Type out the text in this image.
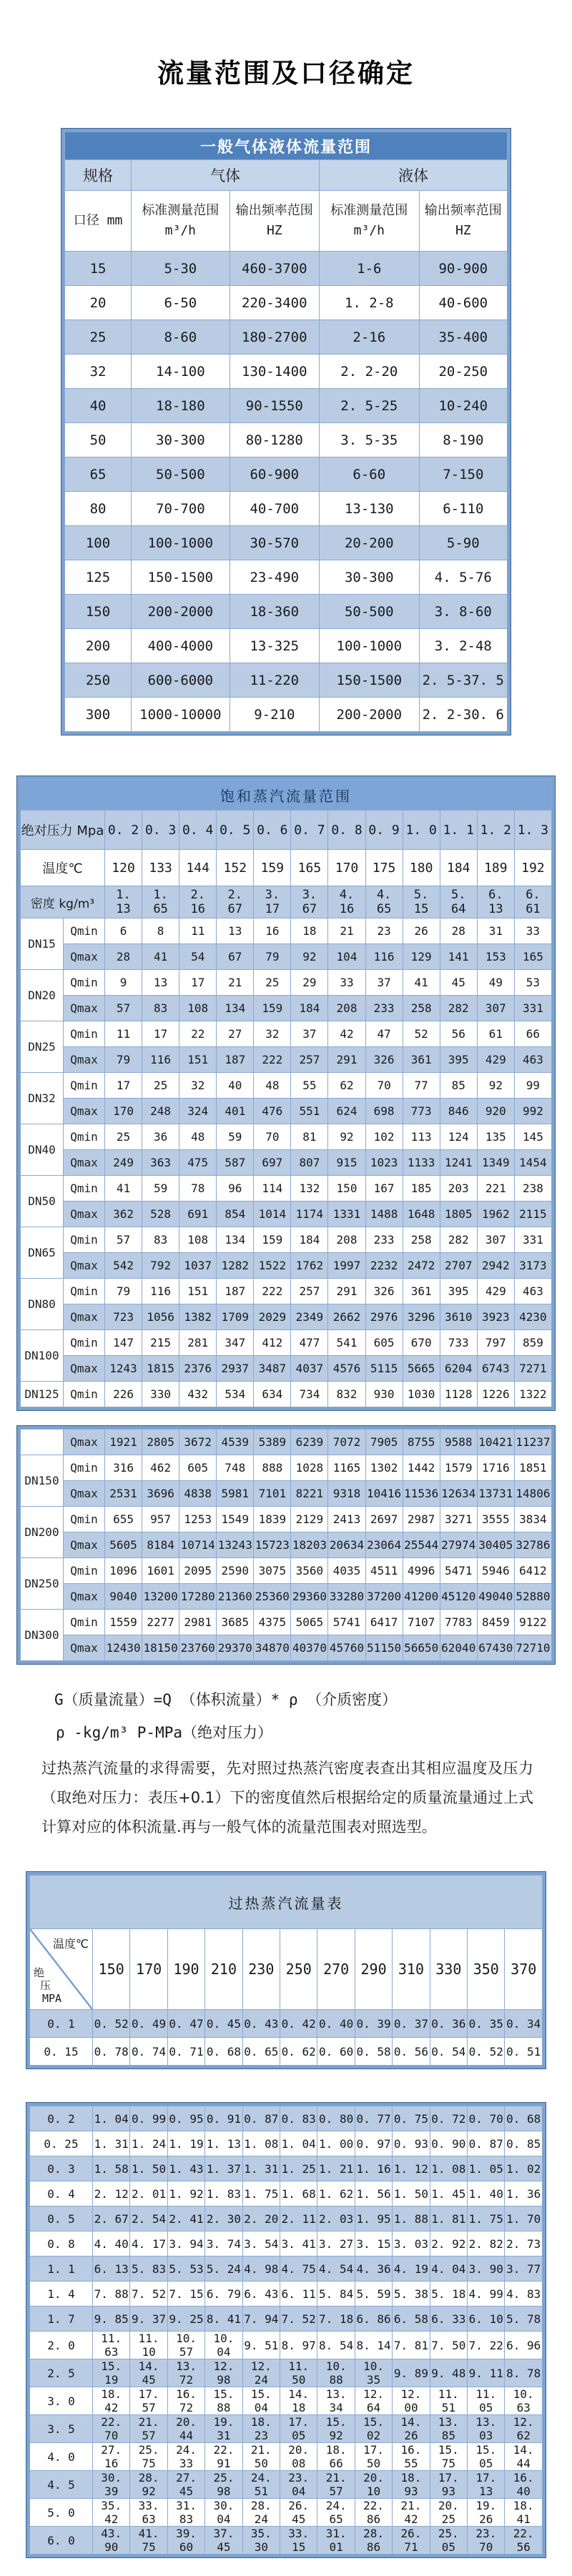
流量范围及口径确定
一般气体液体流量范围				
规格	气体		液体	
口径 mm	标准测量范围 m³/h	输出频率范围 HZ	标准测量范围 m³/h	输出频率范围 HZ
15	5-30	460-3700	1-6	90-900
20	6-50	220-3400	1. 2-8	40-600
25	8-60	180-2700	2-16	35-400
32	14-100	130-1400	2. 2-20	20-250
40	18-180	90-1550	2. 5-25	10-240
50	30-300	80-1280	3. 5-35	8-190
65	50-500	60-900	6-60	7-150
80	70-700	40-700	13-130	6-110
100	100-1000	30-570	20-200	5-90
125	150-1500	23-490	30-300	4. 5-76
150	200-2000	18-360	50-500	3. 8-60
200	400-4000	13-325	100-1000	3. 2-48
250	600-6000	11-220	150-1500	2. 5-37. 5
300	1000-10000	9-210	200-2000	2. 2-30. 6
饱和蒸汽流量范围													
绝对压力 Mpa		0. 2	0. 3	0. 4	0. 5	0. 6	0. 7	0. 8	0. 9	1. 0	1. 1	1. 2	1. 3
温度℃		120	133	144	152	159	165	170	175	180	184	189	192
密度 kg/m³		1. 13	1. 65	2. 16	2. 67	3. 17	3. 67	4. 16	4. 65	5. 15	5. 64	6. 13	6. 61
DN15	Qmin	6	8	11	13	16	18	21	23	26	28	31	33
	Qmax	28	41	54	67	79	92	104	116	129	141	153	165
DN20	Qmin	9	13	17	21	25	29	33	37	41	45	49	53
	Qmax	57	83	108	134	159	184	208	233	258	282	307	331
DN25	Qmin	11	17	22	27	32	37	42	47	52	56	61	66
	Qmax	79	116	151	187	222	257	291	326	361	395	429	463
DN32	Qmin	17	25	32	40	48	55	62	70	77	85	92	99
	Qmax	170	248	324	401	476	551	624	698	773	846	920	992
DN40	Qmin	25	36	48	59	70	81	92	102	113	124	135	145
	Qmax	249	363	475	587	697	807	915	1023	1133	1241	1349	1454
DN50	Qmin	41	59	78	96	114	132	150	167	185	203	221	238
	Qmax	362	528	691	854	1014	1174	1331	1488	1648	1805	1962	2115
DN65	Qmin	57	83	108	134	159	184	208	233	258	282	307	331
	Qmax	542	792	1037	1282	1522	1762	1997	2232	2472	2707	2942	3173
DN80	Qmin	79	116	151	187	222	257	291	326	361	395	429	463
	Qmax	723	1056	1382	1709	2029	2349	2662	2976	3296	3610	3923	4230
DN100	Qmin	147	215	281	347	412	477	541	605	670	733	797	859
	Qmax	1243	1815	2376	2937	3487	4037	4576	5115	5665	6204	6743	7271
DN125	Qmin	226	330	432	534	634	734	832	930	1030	1128	1226	1322
	Qmax	1921	2805	3672	4539	5389	6239	7072	7905	8755	9588	10421	11237
DN150	Qmin	316	462	605	748	888	1028	1165	1302	1442	1579	1716	1851
	Qmax	2531	3696	4838	5981	7101	8221	9318	10416	11536	12634	13731	14806
DN200	Qmin	655	957	1253	1549	1839	2129	2413	2697	2987	3271	3555	3834
	Qmax	5605	8184	10714	13243	15723	18203	20634	23064	25544	27974	30405	32786
DN250	Qmin	1096	1601	2095	2590	3075	3560	4035	4511	4996	5471	5946	6412
	Qmax	9040	13200	17280	21360	25360	29360	33280	37200	41200	45120	49040	52880
DN300	Qmin	1559	2277	2981	3685	4375	5065	5741	6417	7107	7783	8459	9122
	Qmax	12430	18150	23760	29370	34870	40370	45760	51150	56650	62040	67430	72710
G（质量流量）=Q （体积流量）* ρ （介质密度）
ρ -kg/m³ P-MPa（绝对压力）
过热蒸汽流量的求得需要，先对照过热蒸汽密度表查出其相应温度及压力（取绝对压力：表压+0.1）下的密度值然后根据给定的质量流量通过上式计算对应的体积流量.再与一般气体的流量范围表对照选型。
过热蒸汽流量表												

温度℃
绝
压
MPA	150	170	190	210	230	250	270	290	310	330	350	370
0. 1	0. 52	0. 49	0. 47	0. 45	0. 43	0. 42	0. 40	0. 39	0. 37	0. 36	0. 35	0. 34
0. 15	0. 78	0. 74	0. 71	0. 68	0. 65	0. 62	0. 60	0. 58	0. 56	0. 54	0. 52	0. 51
0. 2	1. 04	0. 99	0. 95	0. 91	0. 87	0. 83	0. 80	0. 77	0. 75	0. 72	0. 70	0. 68
0. 25	1. 31	1. 24	1. 19	1. 13	1. 08	1. 04	1. 00	0. 97	0. 93	0. 90	0. 87	0. 85
0. 3	1. 58	1. 50	1. 43	1. 37	1. 31	1. 25	1. 21	1. 16	1. 12	1. 08	1. 05	1. 02
0. 4	2. 12	2. 01	1. 92	1. 83	1. 75	1. 68	1. 62	1. 56	1. 50	1. 45	1. 40	1. 36
0. 5	2. 67	2. 54	2. 41	2. 30	2. 20	2. 11	2. 03	1. 95	1. 88	1. 81	1. 75	1. 70
0. 8	4. 40	4. 17	3. 94	3. 74	3. 54	3. 41	3. 27	3. 15	3. 03	2. 92	2. 82	2. 73
1. 1	6. 13	5. 83	5. 53	5. 24	4. 98	4. 75	4. 54	4. 36	4. 19	4. 04	3. 90	3. 77
1. 4	7. 88	7. 52	7. 15	6. 79	6. 43	6. 11	5. 84	5. 59	5. 38	5. 18	4. 99	4. 83
1. 7	9. 85	9. 37	9. 25	8. 41	7. 94	7. 52	7. 18	6. 86	6. 58	6. 33	6. 10	5. 78
2. 0	11. 63	11. 10	10. 57	10. 04	9. 51	8. 97	8. 54	8. 14	7. 81	7. 50	7. 22	6. 96
2. 5	15. 19	14. 45	13. 72	12. 98	12. 24	11. 50	10. 88	10. 35	9. 89	9. 48	9. 11	8. 78
3. 0	18. 42	17. 57	16. 72	15. 88	15. 04	14. 18	13. 34	12. 64	12. 00	11. 51	11. 05	10. 63
3. 5	22. 70	21. 57	20. 44	19. 31	18. 23	17. 05	15. 92	15. 02	14. 26	13. 85	13. 03	12. 62
4. 0	27. 16	25. 75	24. 33	22. 91	21. 50	20. 08	18. 66	17. 50	16. 55	15. 75	15. 05	14. 44
4. 5	30. 39	28. 92	27. 45	25. 98	24. 51	23. 04	21. 57	20. 10	18. 93	17. 93	17. 13	16. 40
5. 0	35. 42	33. 63	31. 83	30. 04	28. 24	26. 45	24. 65	22. 86	21. 42	20. 25	19. 26	18. 41
6. 0	43. 90	41. 75	39. 60	37. 45	35. 30	33. 15	31. 01	28. 86	26. 71	25. 05	23. 70	22. 56
